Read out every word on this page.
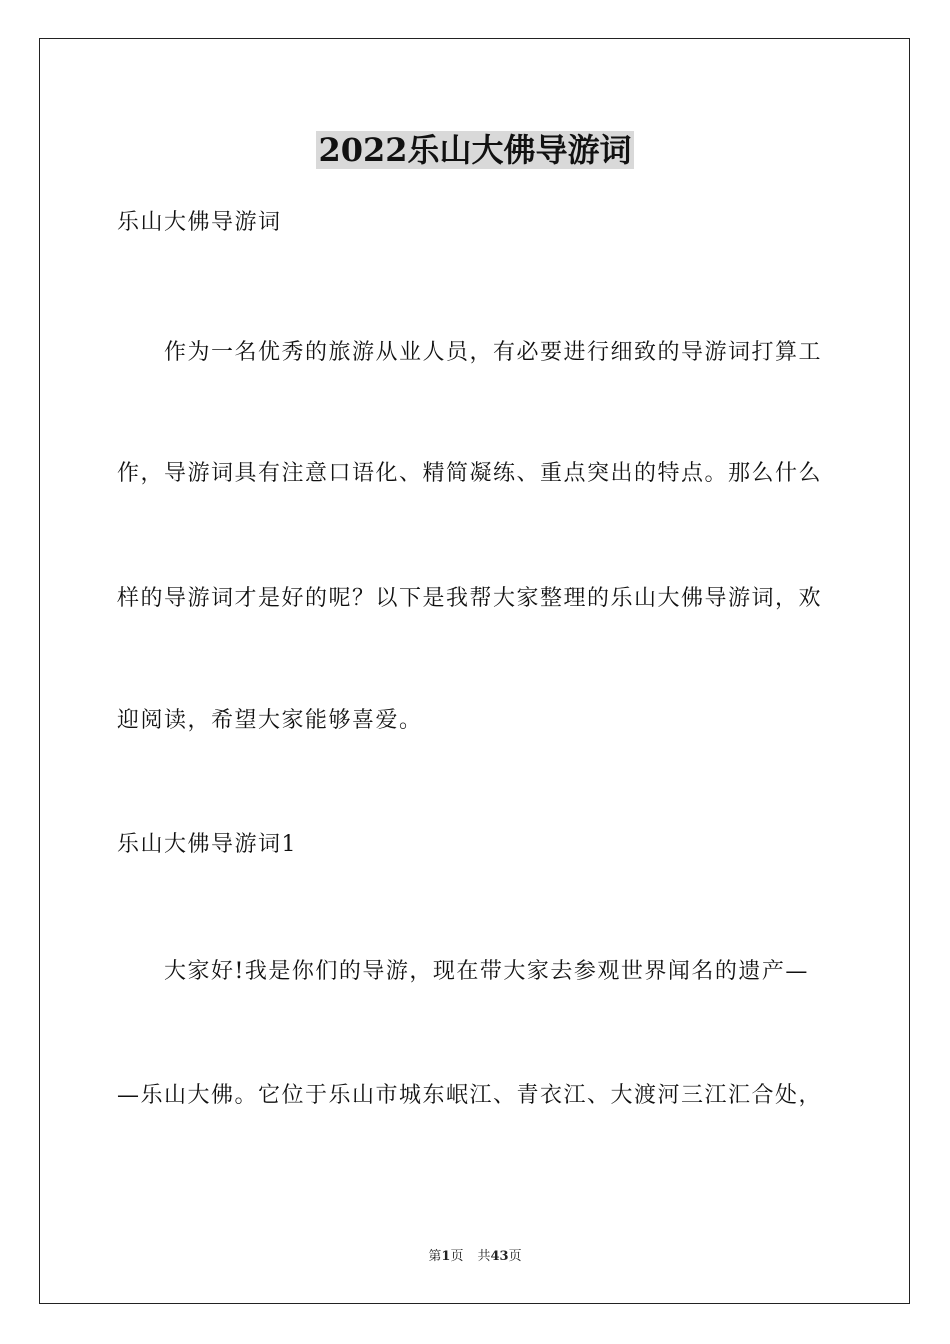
2022乐山大佛导游词

乐山大佛导游词

作为一名优秀的旅游从业人员，有必要进行细致的导游词打算工

作，导游词具有注意口语化、精简凝练、重点突出的特点。那么什么

样的导游词才是好的呢？以下是我帮大家整理的乐山大佛导游词，欢

迎阅读，希望大家能够喜爱。

乐山大佛导游词1

大家好!我是你们的导游，现在带大家去参观世界闻名的遗产—

—乐山大佛。它位于乐山市城东岷江、青衣江、大渡河三江汇合处，

第1页 共43页
